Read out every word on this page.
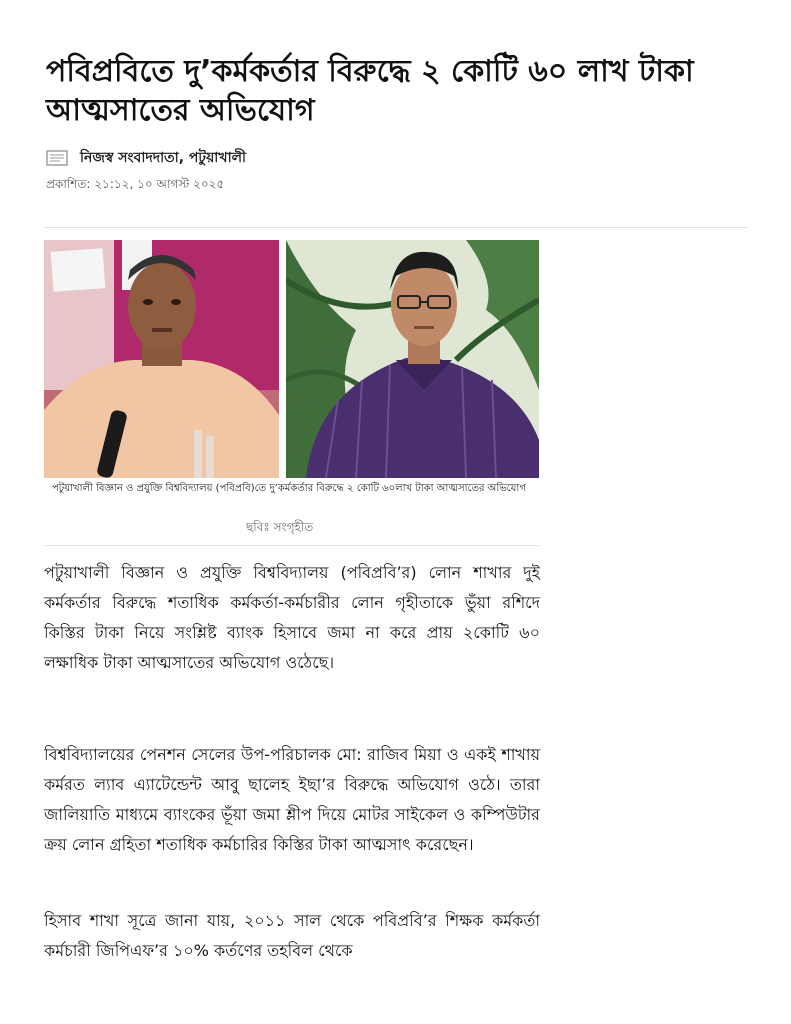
পবিপ্রবিতে দু’কর্মকর্তার বিরুদ্ধে ২ কোটি ৬০ লাখ টাকা আত্মসাতের অভিযোগ
নিজস্ব সংবাদদাতা, পটুয়াখালী
প্রকাশিত: ২১:১২, ১০ আগস্ট ২০২৫
পটুয়াখালী বিজ্ঞান ও প্রযুক্তি বিশ্ববিদ্যালয় (পবিপ্রবি)তে দু’কর্মকর্তার বিরুদ্ধে ২ কোটি ৬০লাখ টাকা আত্মসাতের অভিযোগ
ছবিঃ সংগৃহীত

পটুয়াখালী বিজ্ঞান ও প্রযুক্তি বিশ্ববিদ্যালয় (পবিপ্রবি’র) লোন শাখার দুই কর্মকর্তার বিরুদ্ধে শতাধিক কর্মকর্তা-কর্মচারীর লোন গৃহীতাকে ভুঁয়া রশিদে কিস্তির টাকা নিয়ে সংশ্লিষ্ট ব্যাংক হিসাবে জমা না করে প্রায় ২কোটি ৬০ লক্ষাধিক টাকা আত্মসাতের অভিযোগ ওঠেছে।

বিশ্ববিদ্যালয়ের পেনশন সেলের উপ-পরিচালক মো: রাজিব মিয়া ও একই শাখায় কর্মরত ল্যাব এ্যাটেন্ডেন্ট আবু ছালেহ ইছা’র বিরুদ্ধে অভিযোগ ওঠে। তারা জালিয়াতি মাধ্যমে ব্যাংকের ভূঁয়া জমা শ্লীপ দিয়ে মোটর সাইকেল ও কম্পিউটার ক্রয় লোন গ্রহিতা শতাধিক কর্মচারির কিস্তির টাকা আত্মসাৎ করেছেন।

হিসাব শাখা সূত্রে জানা যায়, ২০১১ সাল থেকে পবিপ্রবি’র শিক্ষক কর্মকর্তা কর্মচারী জিপিএফ’র ১০% কর্তণের তহবিল থেকে
